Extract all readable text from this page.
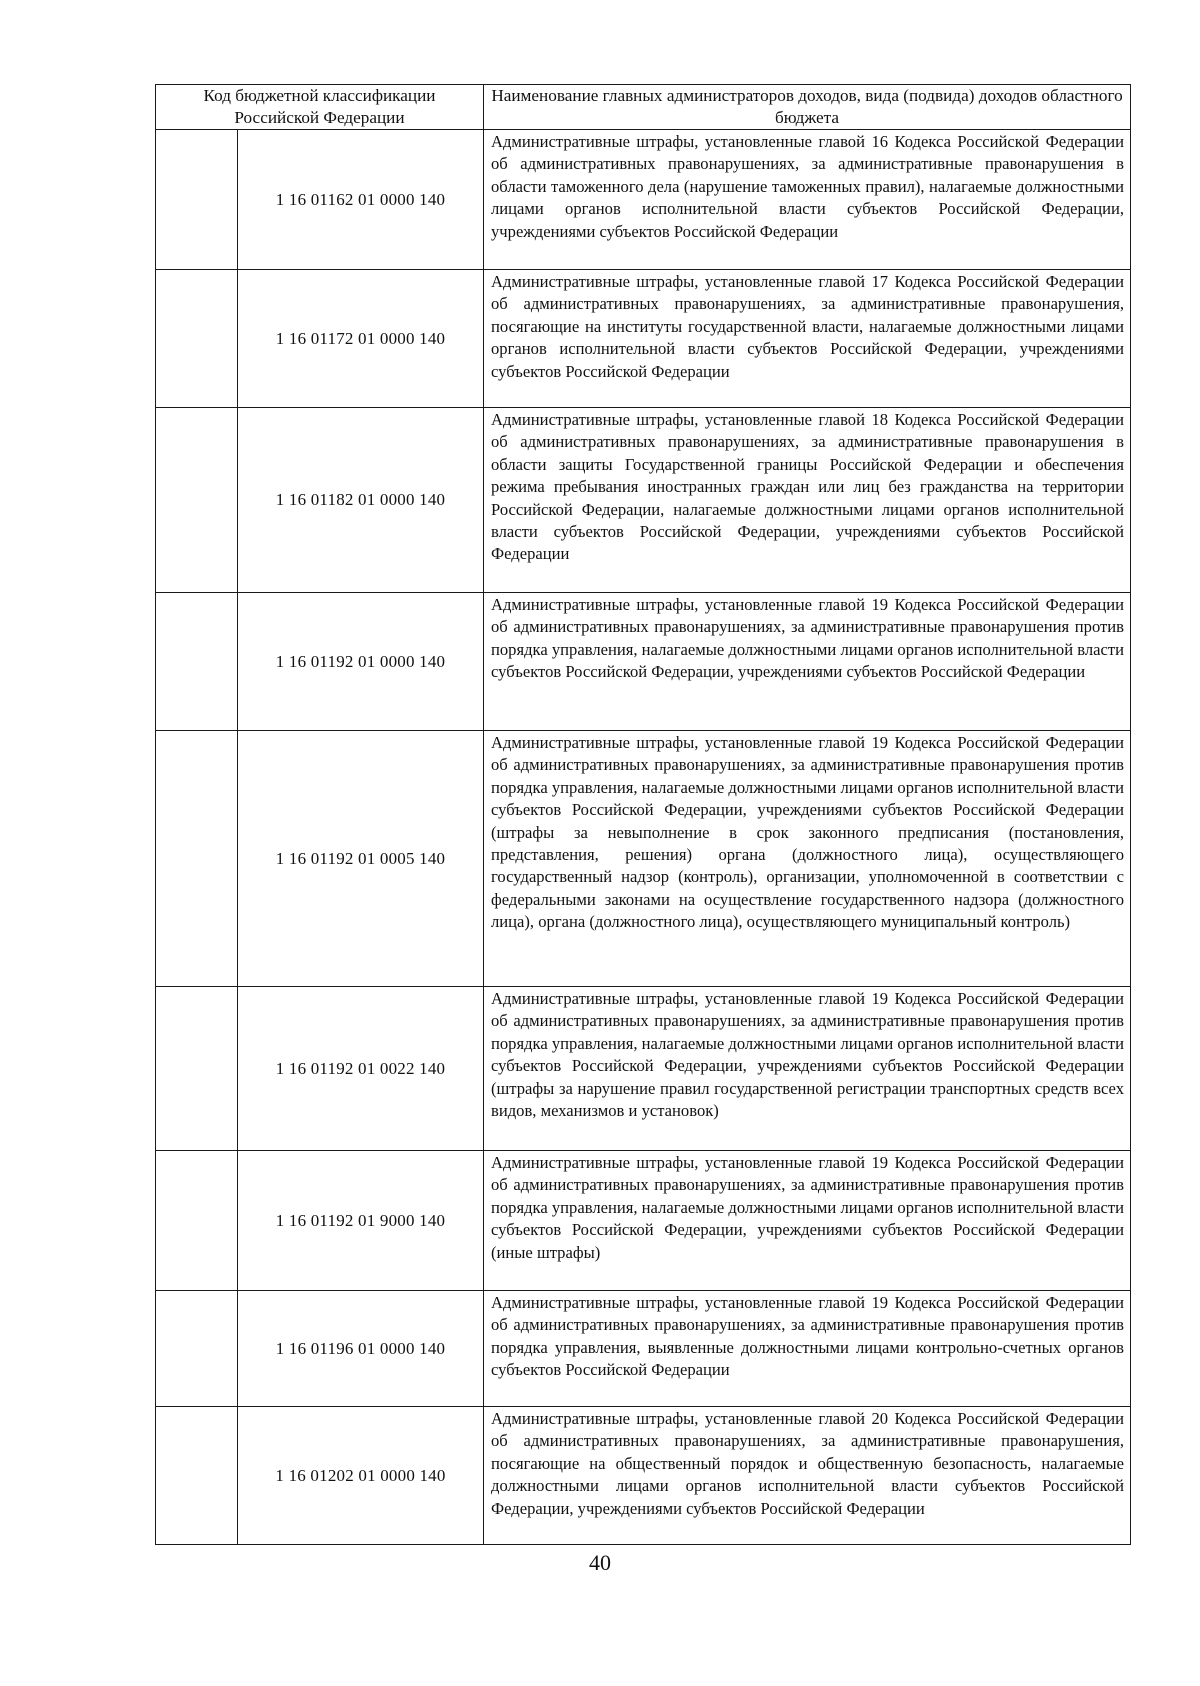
Код бюджетной классификации Российской Федерации		Наименование главных администраторов доходов, вида (подвида) доходов областного бюджета
	1 16 01162 01 0000 140	Административные штрафы, установленные главой 16 Кодекса Российской Федерации об административных правонарушениях, за административные правонарушения в области таможенного дела (нарушение таможенных правил), налагаемые должностными лицами органов исполнительной власти субъектов Российской Федерации, учреждениями субъектов Российской Федерации
	1 16 01172 01 0000 140	Административные штрафы, установленные главой 17 Кодекса Российской Федерации об административных правонарушениях, за административные правонарушения, посягающие на институты государственной власти, налагаемые должностными лицами органов исполнительной власти субъектов Российской Федерации, учреждениями субъектов Российской Федерации
	1 16 01182 01 0000 140	Административные штрафы, установленные главой 18 Кодекса Российской Федерации об административных правонарушениях, за административные правонарушения в области защиты Государственной границы Российской Федерации и обеспечения режима пребывания иностранных граждан или лиц без гражданства на территории Российской Федерации, налагаемые должностными лицами органов исполнительной власти субъектов Российской Федерации, учреждениями субъектов Российской Федерации
	1 16 01192 01 0000 140	Административные штрафы, установленные главой 19 Кодекса Российской Федерации об административных правонарушениях, за административные правонарушения против порядка управления, налагаемые должностными лицами органов исполнительной власти субъектов Российской Федерации, учреждениями субъектов Российской Федерации
	1 16 01192 01 0005 140	Административные штрафы, установленные главой 19 Кодекса Российской Федерации об административных правонарушениях, за административные правонарушения против порядка управления, налагаемые должностными лицами органов исполнительной власти субъектов Российской Федерации, учреждениями субъектов Российской Федерации (штрафы за невыполнение в срок законного предписания (постановления, представления, решения) органа (должностного лица), осуществляющего государственный надзор (контроль), организации, уполномоченной в соответствии с федеральными законами на осуществление государственного надзора (должностного лица), органа (должностного лица), осуществляющего муниципальный контроль)
	1 16 01192 01 0022 140	Административные штрафы, установленные главой 19 Кодекса Российской Федерации об административных правонарушениях, за административные правонарушения против порядка управления, налагаемые должностными лицами органов исполнительной власти субъектов Российской Федерации, учреждениями субъектов Российской Федерации (штрафы за нарушение правил государственной регистрации транспортных средств всех видов, механизмов и установок)
	1 16 01192 01 9000 140	Административные штрафы, установленные главой 19 Кодекса Российской Федерации об административных правонарушениях, за административные правонарушения против порядка управления, налагаемые должностными лицами органов исполнительной власти субъектов Российской Федерации, учреждениями субъектов Российской Федерации (иные штрафы)
	1 16 01196 01 0000 140	Административные штрафы, установленные главой 19 Кодекса Российской Федерации об административных правонарушениях, за административные правонарушения против порядка управления, выявленные должностными лицами контрольно-счетных органов субъектов Российской Федерации
	1 16 01202 01 0000 140	Административные штрафы, установленные главой 20 Кодекса Российской Федерации об административных правонарушениях, за административные правонарушения, посягающие на общественный порядок и общественную безопасность, налагаемые должностными лицами органов исполнительной власти субъектов Российской Федерации, учреждениями субъектов Российской Федерации
40
